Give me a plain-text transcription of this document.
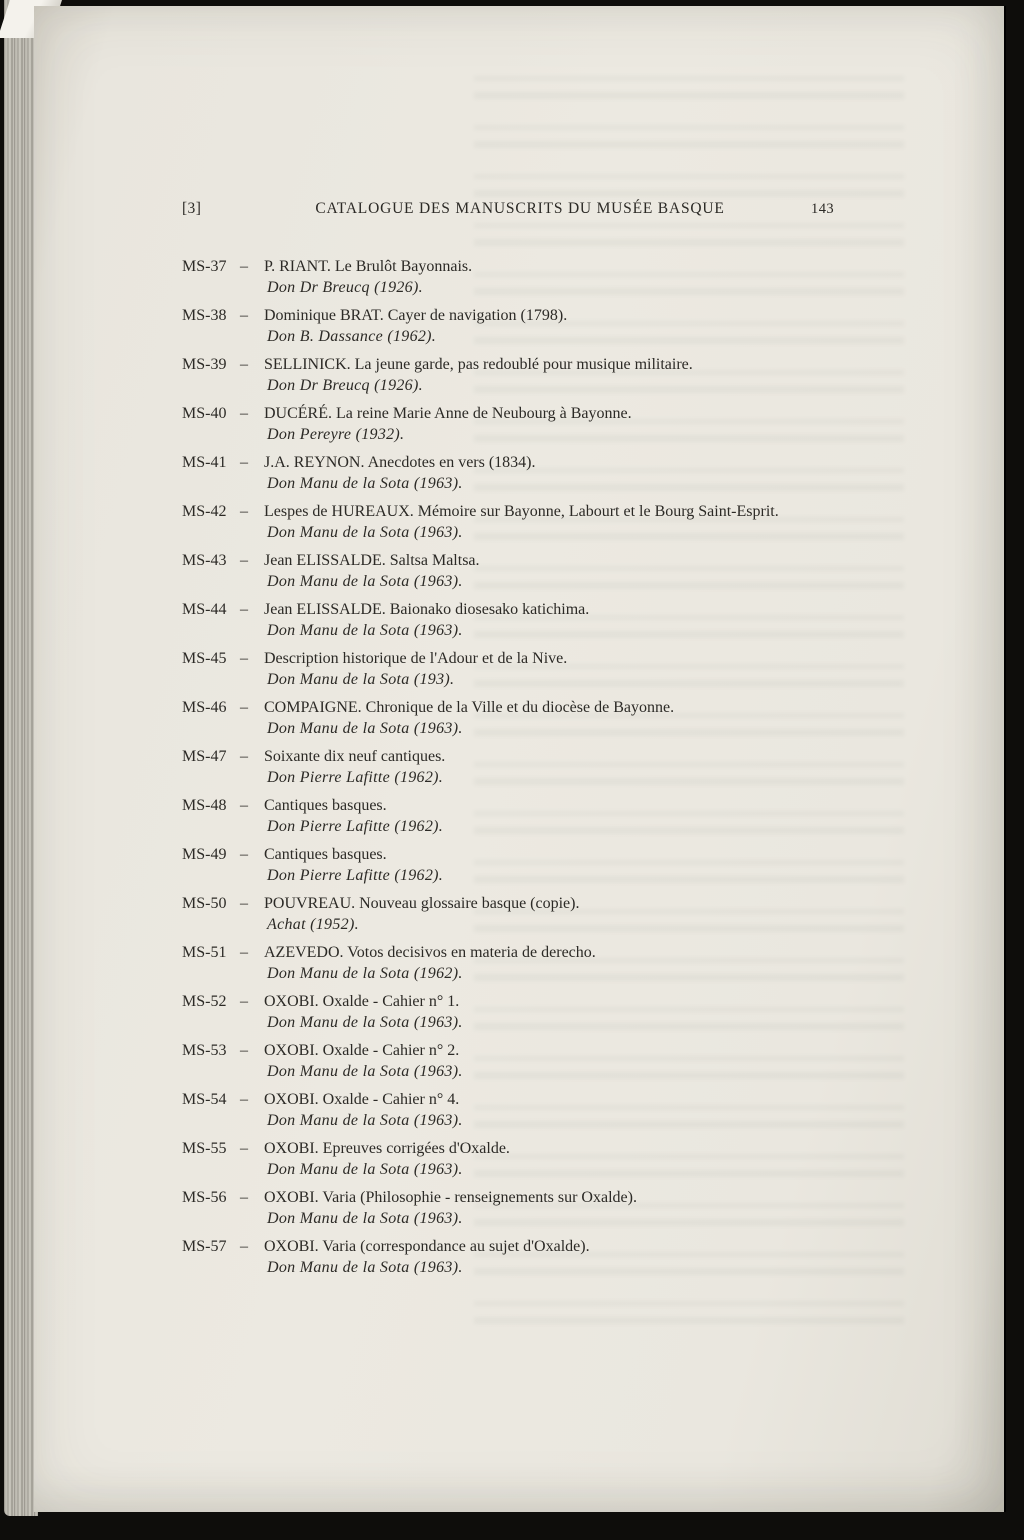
[3]	CATALOGUE DES MANUSCRITS DU MUSÉE BASQUE	143
MS-37 –	P. RIANT. Le Brulôt Bayonnais.
Don Dr Breucq (1926).
MS-38 –	Dominique BRAT. Cayer de navigation (1798).
Don B. Dassance (1962).
MS-39 –	SELLINICK. La jeune garde, pas redoublé pour musique militaire.
Don Dr Breucq (1926).
MS-40 –	DUCÉRÉ. La reine Marie Anne de Neubourg à Bayonne.
Don Pereyre (1932).
MS-41 –	J.A. REYNON. Anecdotes en vers (1834).
Don Manu de la Sota (1963).
MS-42 –	Lespes de HUREAUX. Mémoire sur Bayonne, Labourt et le Bourg Saint-Esprit.
Don Manu de la Sota (1963).
MS-43 –	Jean ELISSALDE. Saltsa Maltsa.
Don Manu de la Sota (1963).
MS-44 –	Jean ELISSALDE. Baionako diosesako katichima.
Don Manu de la Sota (1963).
MS-45 –	Description historique de l'Adour et de la Nive.
Don Manu de la Sota (193).
MS-46 –	COMPAIGNE. Chronique de la Ville et du diocèse de Bayonne.
Don Manu de la Sota (1963).
MS-47 –	Soixante dix neuf cantiques.
Don Pierre Lafitte (1962).
MS-48 –	Cantiques basques.
Don Pierre Lafitte (1962).
MS-49 –	Cantiques basques.
Don Pierre Lafitte (1962).
MS-50 –	POUVREAU. Nouveau glossaire basque (copie).
Achat (1952).
MS-51 –	AZEVEDO. Votos decisivos en materia de derecho.
Don Manu de la Sota (1962).
MS-52 –	OXOBI. Oxalde - Cahier n° 1.
Don Manu de la Sota (1963).
MS-53 –	OXOBI. Oxalde - Cahier n° 2.
Don Manu de la Sota (1963).
MS-54 –	OXOBI. Oxalde - Cahier n° 4.
Don Manu de la Sota (1963).
MS-55 –	OXOBI. Epreuves corrigées d'Oxalde.
Don Manu de la Sota (1963).
MS-56 –	OXOBI. Varia (Philosophie - renseignements sur Oxalde).
Don Manu de la Sota (1963).
MS-57 –	OXOBI. Varia (correspondance au sujet d'Oxalde).
Don Manu de la Sota (1963).
